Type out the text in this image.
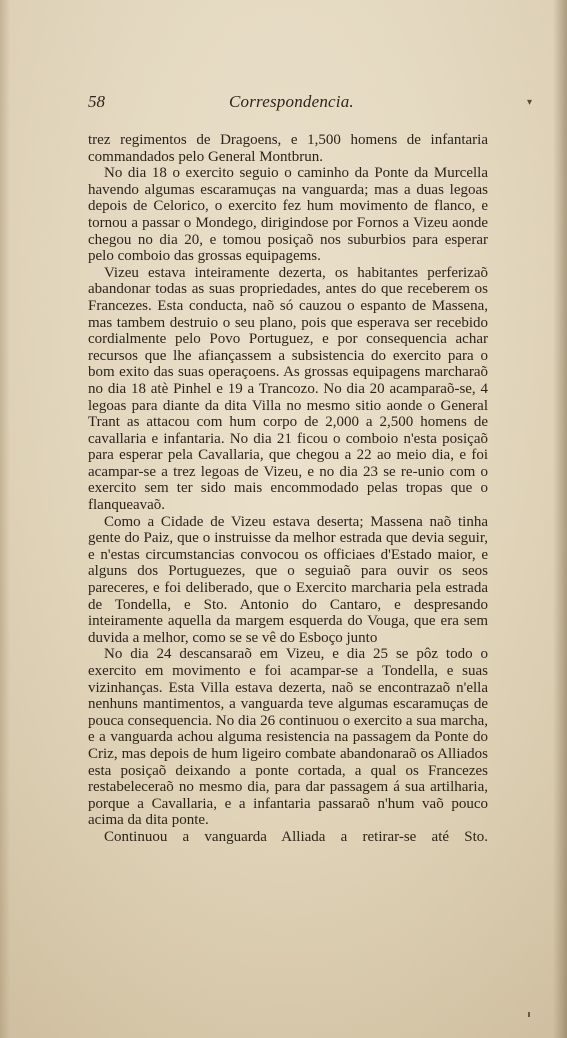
58	Correspondencia.	▾

trez regimentos de Dragoens, e 1,500 homens de infantaria commandados pelo General Montbrun.

No dia 18 o exercito seguio o caminho da Ponte da Murcella havendo algumas escaramuças na vanguarda; mas a duas legoas depois de Celorico, o exercito fez hum movimento de flanco, e tornou a passar o Mondego, dirigindose por Fornos a Vizeu aonde chegou no dia 20, e tomou posiçaõ nos suburbios para esperar pelo comboio das grossas equipagems.

Vizeu estava inteiramente dezerta, os habitantes perferizaõ abandonar todas as suas propriedades, antes do que receberem os Francezes. Esta conducta, naõ só cauzou o espanto de Massena, mas tambem destruio o seu plano, pois que esperava ser recebido cordialmente pelo Povo Portuguez, e por consequencia achar recursos que lhe afiançassem a subsistencia do exercito para o bom exito das suas operaçoens. As grossas equipagens marcharaõ no dia 18 atè Pinhel e 19 a Trancozo. No dia 20 acamparaõ-se, 4 legoas para diante da dita Villa no mesmo sitio aonde o General Trant as attacou com hum corpo de 2,000 a 2,500 homens de cavallaria e infantaria. No dia 21 ficou o comboio n'esta posiçaõ para esperar pela Cavallaria, que chegou a 22 ao meio dia, e foi acampar-se a trez legoas de Vizeu, e no dia 23 se re-unio com o exercito sem ter sido mais encommodado pelas tropas que o flanqueavaõ.

Como a Cidade de Vizeu estava deserta; Massena naõ tinha gente do Paiz, que o instruisse da melhor estrada que devia seguir, e n'estas circumstancias convocou os officiaes d'Estado maior, e alguns dos Portuguezes, que o seguiaõ para ouvir os seos pareceres, e foi deliberado, que o Exercito marcharia pela estrada de Tondella, e Sto. Antonio do Cantaro, e despresando inteiramente aquella da margem esquerda do Vouga, que era sem duvida a melhor, como se se vê do Esboço junto

No dia 24 descansaraõ em Vizeu, e dia 25 se pôz todo o exercito em movimento e foi acampar-se a Tondella, e suas vizinhanças. Esta Villa estava dezerta, naõ se encontrazaõ n'ella nenhuns mantimentos, a vanguarda teve algumas escaramuças de pouca consequencia. No dia 26 continuou o exercito a sua marcha, e a vanguarda achou alguma resistencia na passagem da Ponte do Criz, mas depois de hum ligeiro combate abandonaraõ os Alliados esta posiçaõ deixando a ponte cortada, a qual os Francezes restabeleceraõ no mesmo dia, para dar passagem á sua artilharia, porque a Cavallaria, e a infantaria passaraõ n'hum vaõ pouco acima da dita ponte.

Continuou a vanguarda Alliada a retirar-se até Sto.
